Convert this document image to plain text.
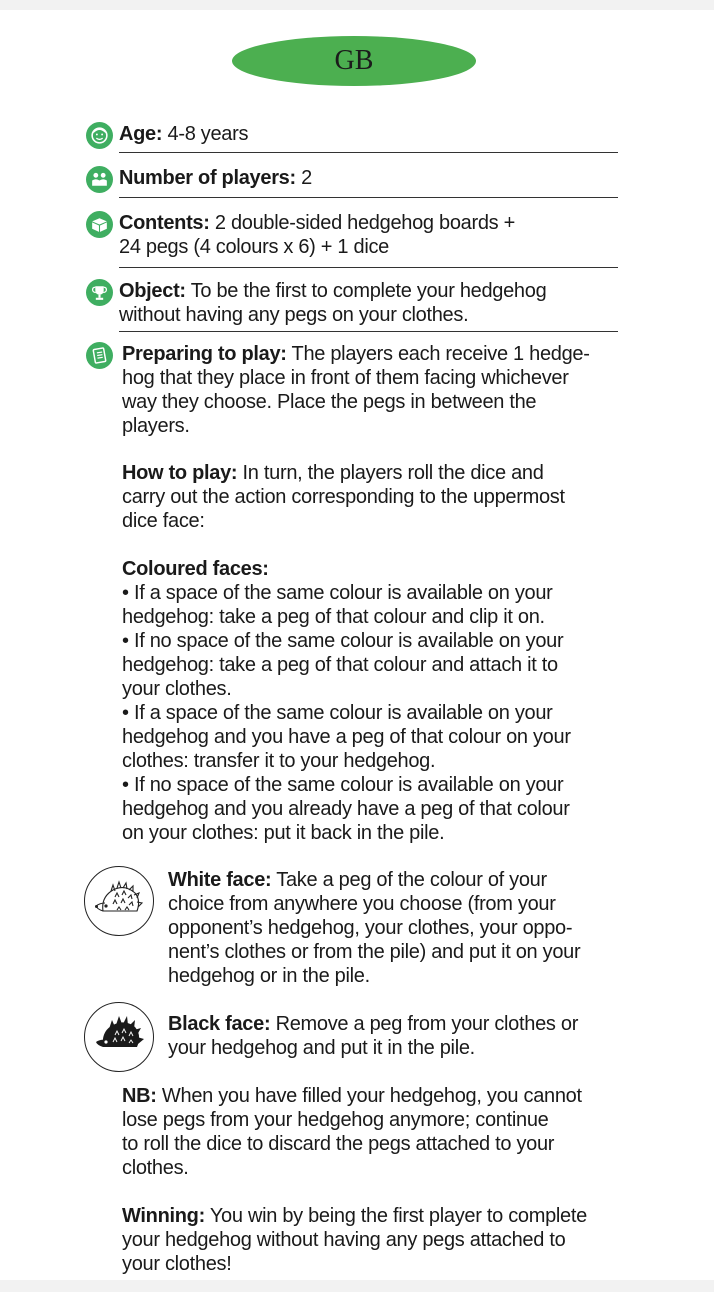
GB
Age: 4-8 years
Number of players: 2
Contents: 2 double-sided hedgehog boards +
24 pegs (4 colours x 6) + 1 dice
Object: To be the first to complete your hedgehog
without having any pegs on your clothes.

Preparing to play: The players each receive 1 hedge-

hog that they place in front of them facing whichever

way they choose. Place the pegs in between the

players.

How to play: In turn, the players roll the dice and

carry out the action corresponding to the uppermost

dice face:

Coloured faces:

• If a space of the same colour is available on your

hedgehog: take a peg of that colour and clip it on.

• If no space of the same colour is available on your

hedgehog: take a peg of that colour and attach it to

your clothes.

• If a space of the same colour is available on your

hedgehog and you have a peg of that colour on your

clothes: transfer it to your hedgehog.

• If no space of the same colour is available on your

hedgehog and you already have a peg of that colour

on your clothes: put it back in the pile.

White face: Take a peg of the colour of your
choice from anywhere you choose (from your
opponent’s hedgehog, your clothes, your oppo-
nent’s clothes or from the pile) and put it on your
hedgehog or in the pile.
Black face: Remove a peg from your clothes or
your hedgehog and put it in the pile.

NB: When you have filled your hedgehog, you cannot

lose pegs from your hedgehog anymore; continue

to roll the dice to discard the pegs attached to your

clothes.

Winning: You win by being the first player to complete

your hedgehog without having any pegs attached to

your clothes!
